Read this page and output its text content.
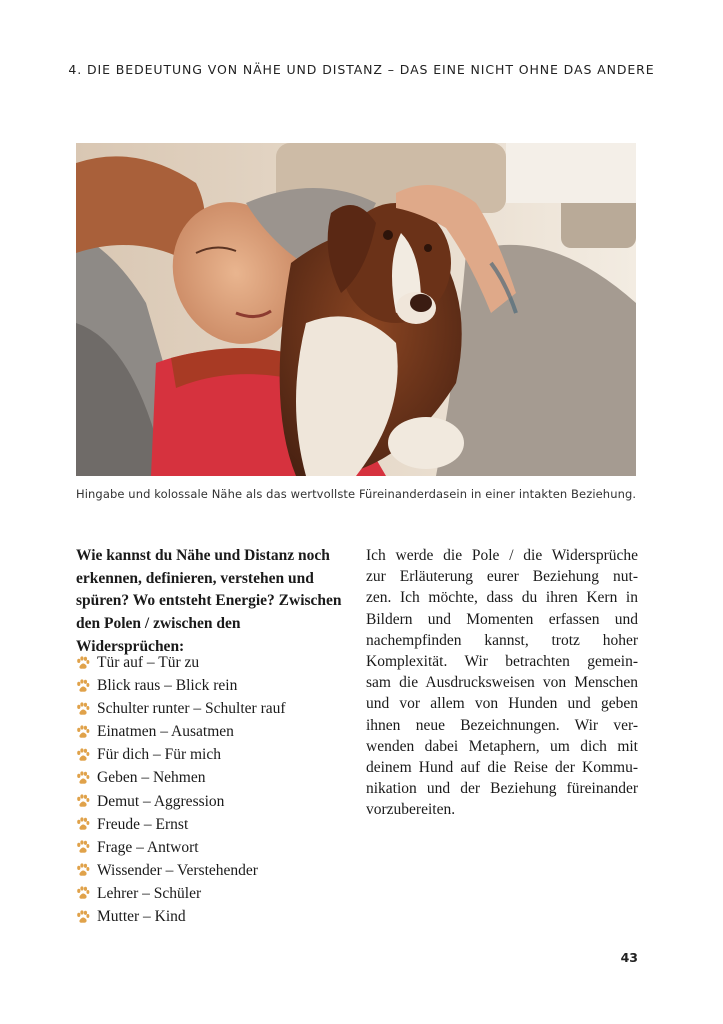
4. DIE BEDEUTUNG VON NÄHE UND DISTANZ – DAS EINE NICHT OHNE DAS ANDERE
Hingabe und kolossale Nähe als das wertvollste Füreinanderdasein in einer intakten Beziehung.

Wie kannst du Nähe und Distanz noch
erkennen, definieren, verstehen und
spüren? Wo entsteht Energie? Zwischen
den Polen / zwischen den Widersprüchen:

Tür auf – Tür zu
Blick raus – Blick rein
Schulter runter – Schulter rauf
Einatmen – Ausatmen
Für dich – Für mich
Geben – Nehmen
Demut – Aggression
Freude – Ernst
Frage – Antwort
Wissender – Verstehender
Lehrer – Schüler
Mutter – Kind

Ich werde die Pole / die Widersprüche
zur Erläuterung eurer Beziehung nut-
zen. Ich möchte, dass du ihren Kern in
Bildern und Momenten erfassen und
nachempfinden kannst, trotz hoher
Komplexität. Wir betrachten gemein-
sam die Ausdrucksweisen von Menschen
und vor allem von Hunden und geben
ihnen neue Bezeichnungen. Wir ver-
wenden dabei Metaphern, um dich mit
deinem Hund auf die Reise der Kommu-
nikation und der Beziehung füreinander
vorzubereiten.

43
